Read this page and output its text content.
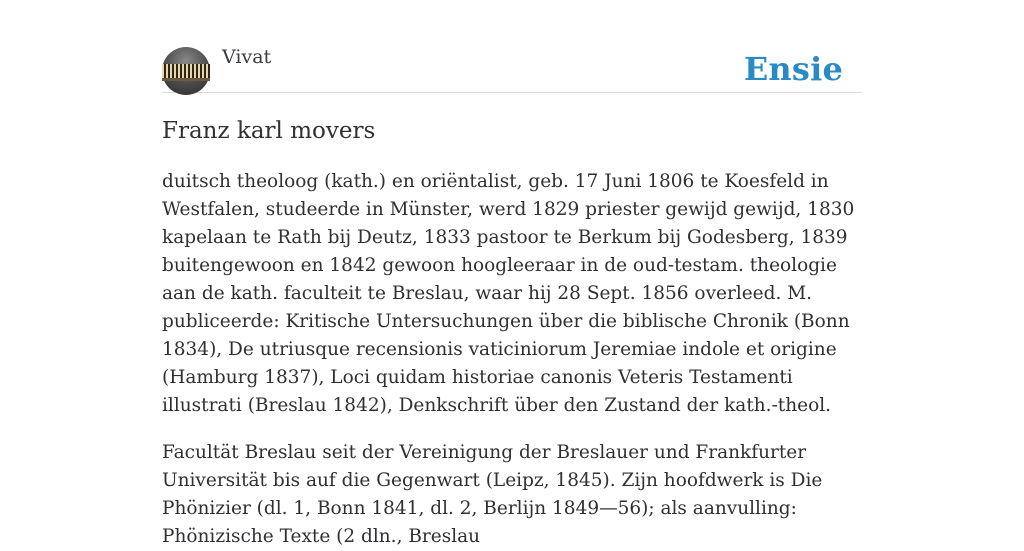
Vivat	Ensie
Franz karl movers

duitsch theoloog (kath.) en oriëntalist, geb. 17 Juni 1806 te Koesfeld in Westfalen, studeerde in Münster, werd 1829 priester gewijd gewijd, 1830 kapelaan te Rath bij Deutz, 1833 pastoor te Berkum bij Godesberg, 1839 buitengewoon en 1842 gewoon hoogleeraar in de oud-testam. theologie aan de kath. faculteit te Breslau, waar hij 28 Sept. 1856 overleed. M. publiceerde: Kritische Untersuchungen über die biblische Chronik (Bonn 1834), De utriusque recensionis vaticiniorum Jeremiae indole et origine (Hamburg 1837), Loci quidam historiae canonis Veteris Testamenti illustrati (Breslau 1842), Denkschrift über den Zustand der kath.-theol.

Facultät Breslau seit der Vereinigung der Breslauer und Frankfurter Universität bis auf die Gegenwart (Leipz, 1845). Zijn hoofdwerk is Die Phönizier (dl. 1, Bonn 1841, dl. 2, Berlijn 1849—56); als aanvulling: Phönizische Texte (2 dln., Breslau
